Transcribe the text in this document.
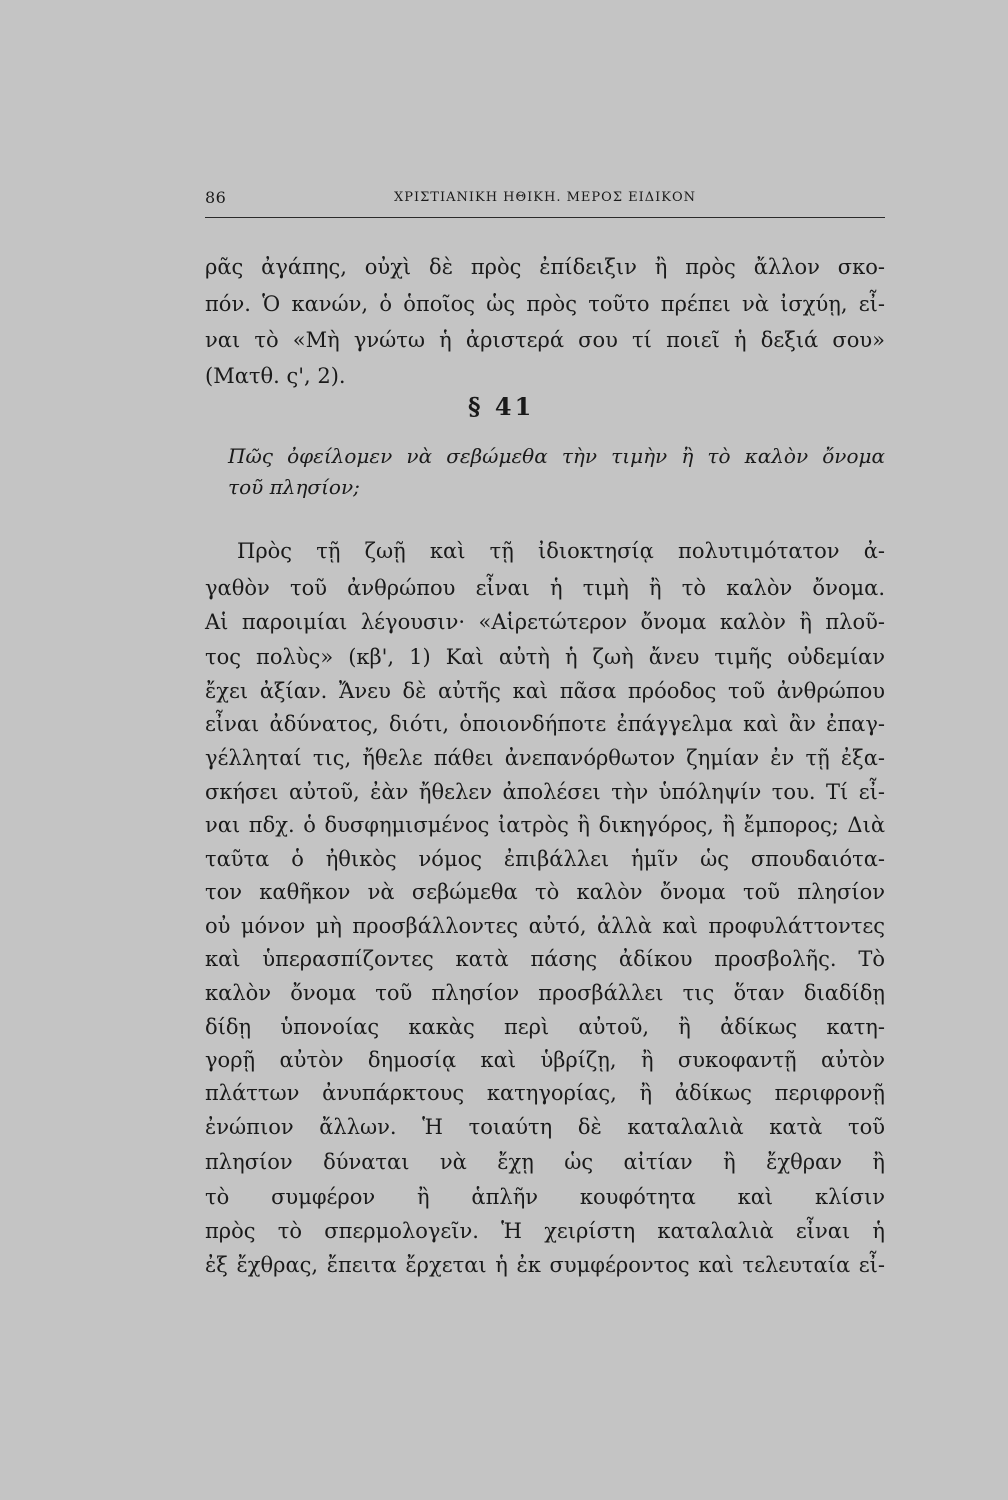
86	ΧΡΙΣΤΙΑΝΙΚΗ ΗΘΙΚΗ. ΜΕΡΟΣ ΕΙΔΙΚΟΝ
ρᾶς ἀγάπης, οὐχὶ δὲ πρὸς ἐπίδειξιν ἢ πρὸς ἄλλον σκο-
πόν. Ὁ κανών, ὁ ὁποῖος ὡς πρὸς τοῦτο πρέπει νὰ ἰσχύῃ, εἶ-
ναι τὸ «Μὴ γνώτω ἡ ἀριστερά σου τί ποιεῖ ἡ δεξιά σου»
(Ματθ. ς', 2).
§ 41
Πῶς ὀφείλομεν νὰ σεβώμεθα τὴν τιμὴν ἢ τὸ καλὸν ὄνομα
τοῦ πλησίον;
Πρὸς τῇ ζωῇ καὶ τῇ ἰδιοκτησίᾳ πολυτιμότατον ἀ-
γαθὸν τοῦ ἀνθρώπου εἶναι ἡ τιμὴ ἢ τὸ καλὸν ὄνομα.
Αἱ παροιμίαι λέγουσιν· «Αἱρετώτερον ὄνομα καλὸν ἢ πλοῦ-
τος πολὺς» (κβ', 1) Καὶ αὐτὴ ἡ ζωὴ ἄνευ τιμῆς οὐδεμίαν
ἔχει ἀξίαν. Ἄνευ δὲ αὐτῆς καὶ πᾶσα πρόοδος τοῦ ἀνθρώπου
εἶναι ἀδύνατος, διότι, ὁποιονδήποτε ἐπάγγελμα καὶ ἂν ἐπαγ-
γέλληταί τις, ἤθελε πάθει ἀνεπανόρθωτον ζημίαν ἐν τῇ ἐξα-
σκήσει αὐτοῦ, ἐὰν ἤθελεν ἀπολέσει τὴν ὑπόληψίν του. Τί εἶ-
ναι πδχ. ὁ δυσφημισμένος ἰατρὸς ἢ δικηγόρος, ἢ ἔμπορος; Διὰ
ταῦτα ὁ ἠθικὸς νόμος ἐπιβάλλει ἡμῖν ὡς σπουδαιότα-
τον καθῆκον νὰ σεβώμεθα τὸ καλὸν ὄνομα τοῦ πλησίον
οὐ μόνον μὴ προσβάλλοντες αὐτό, ἀλλὰ καὶ προφυλάττοντες
καὶ ὑπερασπίζοντες κατὰ πάσης ἀδίκου προσβολῆς. Τὸ
καλὸν ὄνομα τοῦ πλησίον προσβάλλει τις ὅταν διαδίδῃ
δίδῃ ὑπονοίας κακὰς περὶ αὐτοῦ, ἢ ἀδίκως κατη-
γορῇ αὐτὸν δημοσίᾳ καὶ ὑβρίζῃ, ἢ συκοφαντῇ αὐτὸν
πλάττων ἀνυπάρκτους κατηγορίας, ἢ ἀδίκως περιφρονῇ
ἐνώπιον ἄλλων. Ἡ τοιαύτη δὲ καταλαλιὰ κατὰ τοῦ
πλησίον δύναται νὰ ἔχῃ ὡς αἰτίαν ἢ ἔχθραν ἢ
τὸ συμφέρον ἢ ἁπλῆν κουφότητα καὶ κλίσιν
πρὸς τὸ σπερμολογεῖν. Ἡ χειρίστη καταλαλιὰ εἶναι ἡ
ἐξ ἔχθρας, ἔπειτα ἔρχεται ἡ ἐκ συμφέροντος καὶ τελευταία εἶ-
